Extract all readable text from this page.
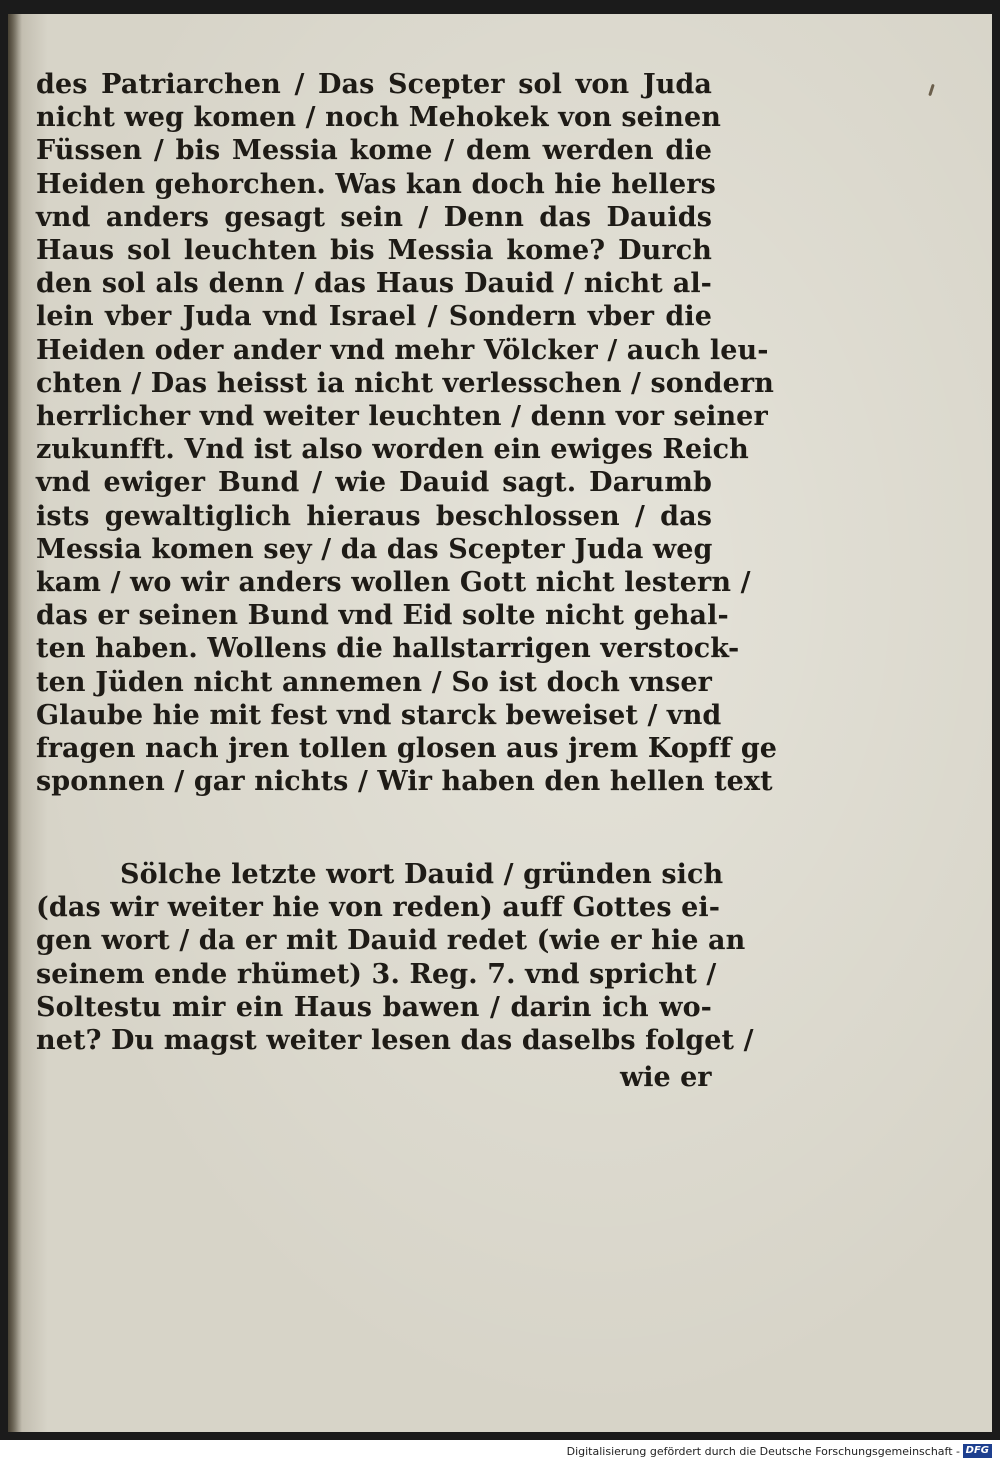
des Patriarchen / Das Scepter sol von Juda
nicht weg komen / noch Mehokek von seinen
Füssen / bis Messia kome / dem werden die
Heiden gehorchen. Was kan doch hie hellers
vnd anders gesagt sein / Denn das Dauids
Haus sol leuchten bis Messia kome? Durch
den sol als denn / das Haus Dauid / nicht al-
lein vber Juda vnd Israel / Sondern vber die
Heiden oder ander vnd mehr Völcker / auch leu-
chten / Das heisst ia nicht verlesschen / sondern
herrlicher vnd weiter leuchten / denn vor seiner
zukunfft. Vnd ist also worden ein ewiges Reich
vnd ewiger Bund / wie Dauid sagt. Darumb
ists gewaltiglich hieraus beschlossen / das
Messia komen sey / da das Scepter Juda weg
kam / wo wir anders wollen Gott nicht lestern /
das er seinen Bund vnd Eid solte nicht gehal-
ten haben. Wollens die hallstarrigen verstock-
ten Jüden nicht annemen / So ist doch vnser
Glaube hie mit fest vnd starck beweiset / vnd
fragen nach jren tollen glosen aus jrem Kopff ge
sponnen / gar nichts / Wir haben den hellen text
Sölche letzte wort Dauid / gründen sich
(das wir weiter hie von reden) auff Gottes ei-
gen wort / da er mit Dauid redet (wie er hie an
seinem ende rhümet) 3. Reg. 7. vnd spricht /
Soltestu mir ein Haus bawen / darin ich wo-
net? Du magst weiter lesen das daselbs folget /
wie er
Digitalisierung gefördert durch die Deutsche Forschungsgemeinschaft - DFG
